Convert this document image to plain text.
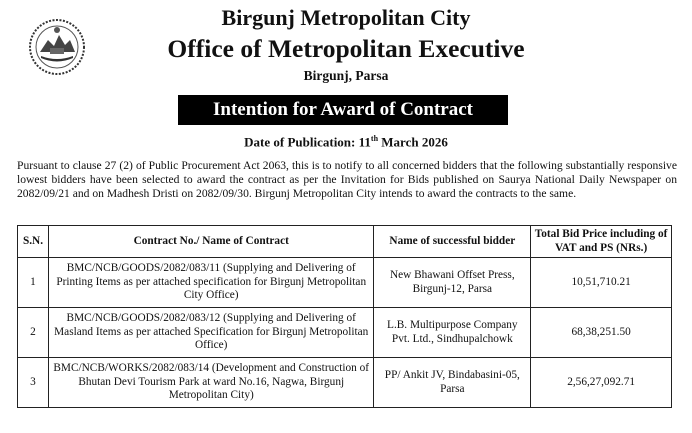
Birgunj Metropolitan City
Office of Metropolitan Executive
Birgunj, Parsa
Intention for Award of Contract
Date of Publication: 11th March 2026

Pursuant to clause 27 (2) of Public Procurement Act 2063, this is to notify to all concerned bidders that the following substantially responsive lowest bidders have been selected to award the contract as per the Invitation for Bids published on Saurya National Daily Newspaper on 2082/09/21 and on Madhesh Dristi on 2082/09/30. Birgunj Metropolitan City intends to award the contracts to the same.

S.N.	Contract No./ Name of Contract	Name of successful bidder	Total Bid Price including of VAT and PS (NRs.)
1	BMC/NCB/GOODS/2082/083/11 (Supplying and Delivering of Printing Items as per attached specification for Birgunj Metropolitan City Office)	New Bhawani Offset Press, Birgunj-12, Parsa	10,51,710.21
2	BMC/NCB/GOODS/2082/083/12 (Supplying and Delivering of Masland Items as per attached Specification for Birgunj Metropolitan Office)	L.B. Multipurpose Company Pvt. Ltd., Sindhupalchowk	68,38,251.50
3	BMC/NCB/WORKS/2082/083/14 (Development and Construction of Bhutan Devi Tourism Park at ward No.16, Nagwa, Birgunj Metropolitan City)	PP/ Ankit JV, Bindabasini-05, Parsa	2,56,27,092.71
